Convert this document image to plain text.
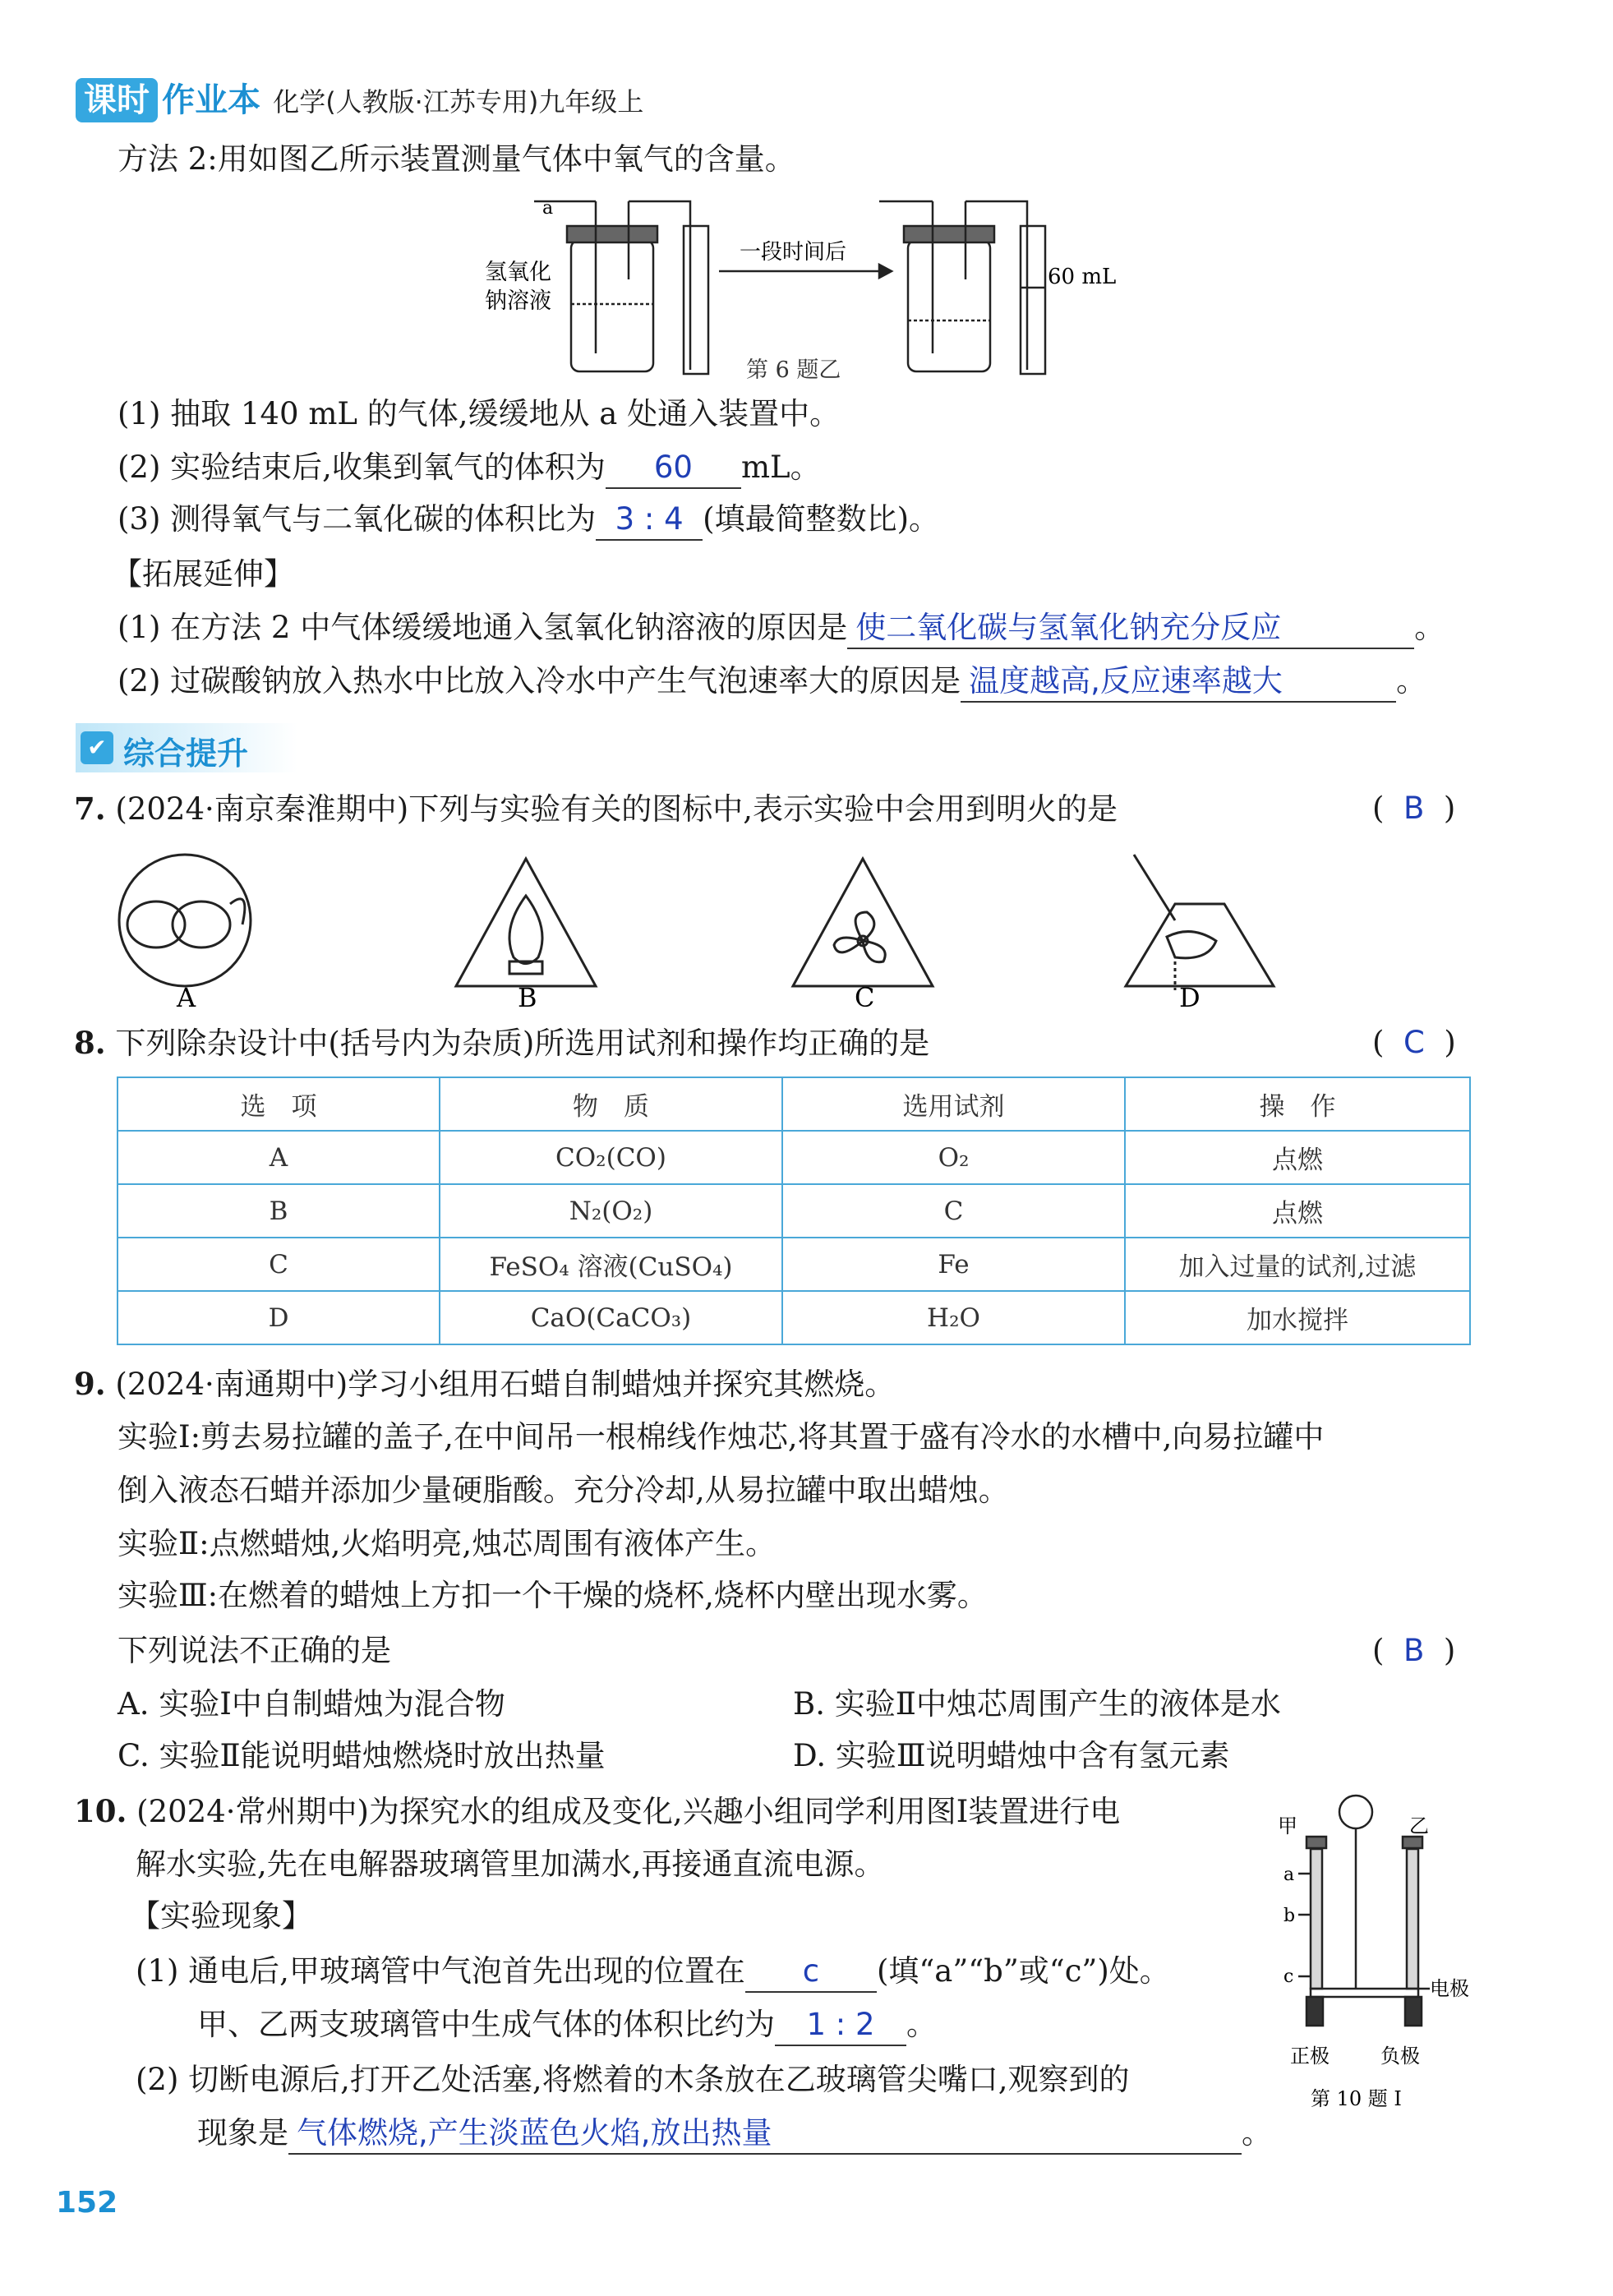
课时 作业本 化学(人教版·江苏专用)九年级上
方法 2:用如图乙所示装置测量气体中氧气的含量。
a
氢氧化
钠溶液
一段时间后
60 mL
第 6 题乙
(1) 抽取 140 mL 的气体,缓缓地从 a 处通入装置中。
(2) 实验结束后,收集到氧气的体积为 60 mL。
(3) 测得氧气与二氧化碳的体积比为 3 : 4 (填最简整数比)。
【拓展延伸】
(1) 在方法 2 中气体缓缓地通入氢氧化钠溶液的原因是 使二氧化碳与氢氧化钠充分反应	。
(2) 过碳酸钠放入热水中比放入冷水中产生气泡速率大的原因是 温度越高,反应速率越大	。
✔ 综合提升
7. (2024·南京秦淮期中)下列与实验有关的图标中,表示实验中会用到明火的是	(  B  )
A	B	C	D
8. 下列除杂设计中(括号内为杂质)所选用试剂和操作均正确的是	(  C  )
选　项	物　质	选用试剂	操　作
A	CO₂(CO)	O₂	点燃
B	N₂(O₂)	C	点燃
C	FeSO₄ 溶液(CuSO₄)	Fe	加入过量的试剂,过滤
D	CaO(CaCO₃)	H₂O	加水搅拌
9. (2024·南通期中)学习小组用石蜡自制蜡烛并探究其燃烧。
实验Ⅰ:剪去易拉罐的盖子,在中间吊一根棉线作烛芯,将其置于盛有冷水的水槽中,向易拉罐中
倒入液态石蜡并添加少量硬脂酸。充分冷却,从易拉罐中取出蜡烛。
实验Ⅱ:点燃蜡烛,火焰明亮,烛芯周围有液体产生。
实验Ⅲ:在燃着的蜡烛上方扣一个干燥的烧杯,烧杯内壁出现水雾。
下列说法不正确的是	(  B  )
A. 实验Ⅰ中自制蜡烛为混合物	B. 实验Ⅱ中烛芯周围产生的液体是水
C. 实验Ⅱ能说明蜡烛燃烧时放出热量	D. 实验Ⅲ说明蜡烛中含有氢元素
10. (2024·常州期中)为探究水的组成及变化,兴趣小组同学利用图Ⅰ装置进行电
解水实验,先在电解器玻璃管里加满水,再接通直流电源。
【实验现象】
(1) 通电后,甲玻璃管中气泡首先出现的位置在 c (填“a”“b”或“c”)处。
甲、乙两支玻璃管中生成气体的体积比约为 1 : 2 。
(2) 切断电源后,打开乙处活塞,将燃着的木条放在乙玻璃管尖嘴口,观察到的
现象是 气体燃烧,产生淡蓝色火焰,放出热量	。
甲	乙
a
b
c
电极
正极	负极
第 10 题 Ⅰ
152
